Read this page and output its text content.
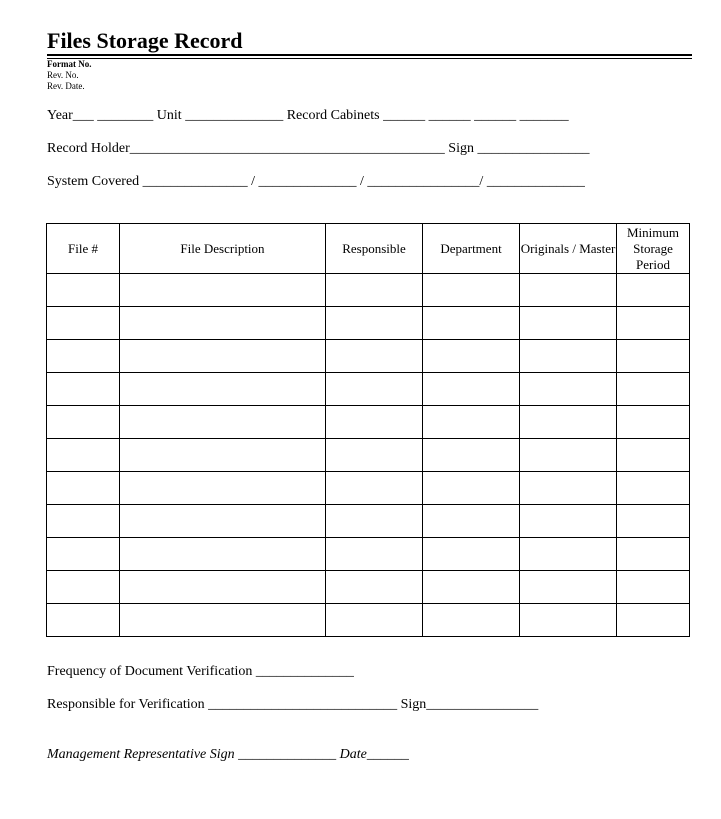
Files Storage Record
Format No.
Rev. No.
Rev. Date.
Year___ ________ Unit ______________ Record Cabinets ______ ______ ______ _______
Record Holder_____________________________________________ Sign ________________
System Covered _______________ / ______________ / ________________/ ______________
File #	File Description	Responsible	Department	Originals / Master	Minimum Storage Period

Frequency of Document Verification ______________
Responsible for Verification ___________________________ Sign________________
Management Representative Sign ______________ Date______
